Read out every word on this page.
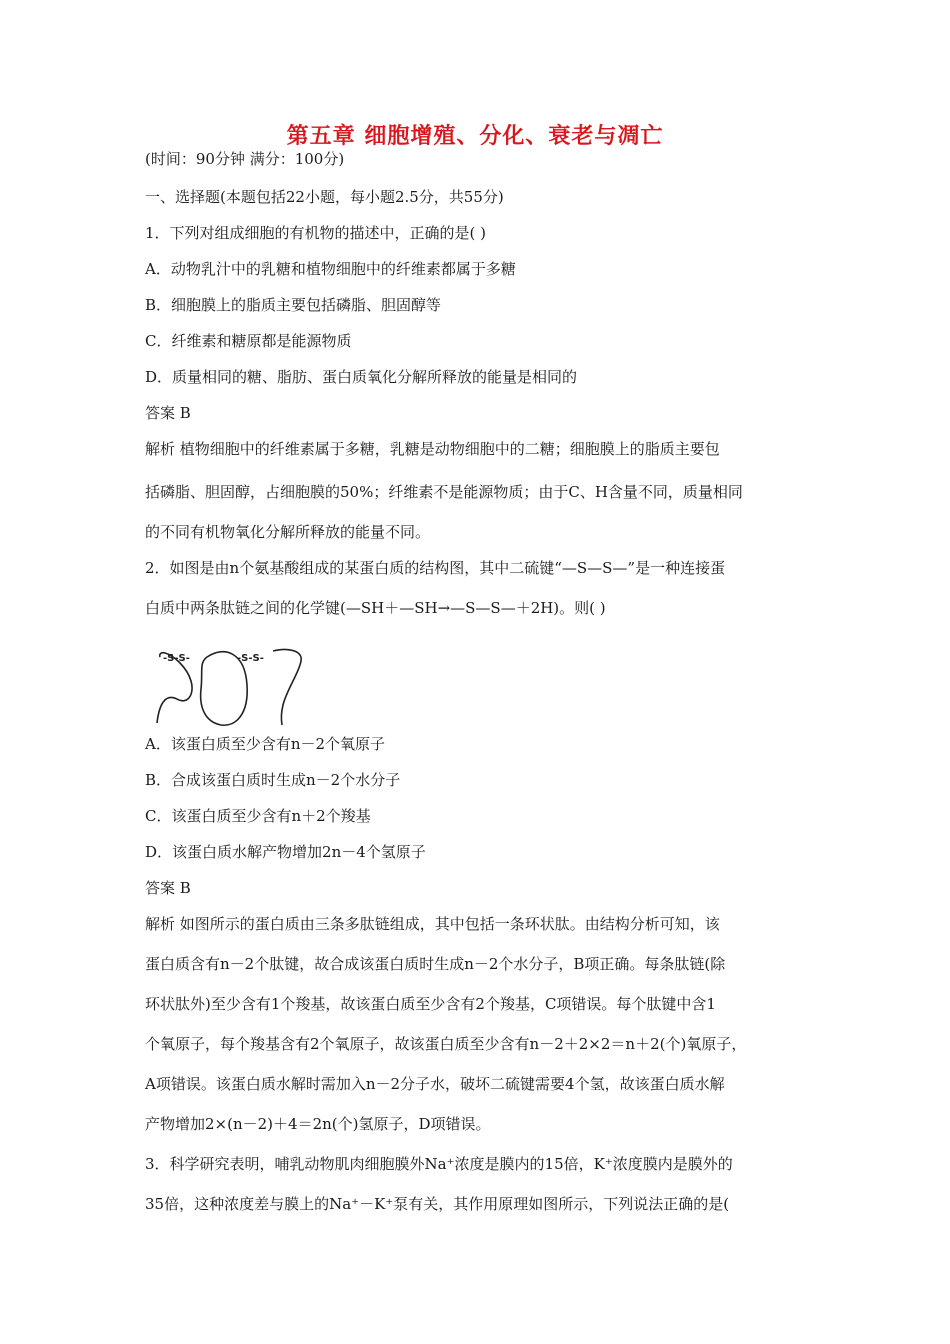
第五章 细胞增殖、分化、衰老与凋亡
(时间：90分钟 满分：100分)
一、选择题(本题包括22小题，每小题2.5分，共55分)
1．下列对组成细胞的有机物的描述中，正确的是( )
A．动物乳汁中的乳糖和植物细胞中的纤维素都属于多糖
B．细胞膜上的脂质主要包括磷脂、胆固醇等
C．纤维素和糖原都是能源物质
D．质量相同的糖、脂肪、蛋白质氧化分解所释放的能量是相同的
答案 B
解析 植物细胞中的纤维素属于多糖，乳糖是动物细胞中的二糖；细胞膜上的脂质主要包
括磷脂、胆固醇，占细胞膜的50%；纤维素不是能源物质；由于C、H含量不同，质量相同
的不同有机物氧化分解所释放的能量不同。
2．如图是由n个氨基酸组成的某蛋白质的结构图，其中二硫键“—S—S—”是一种连接蛋
白质中两条肽链之间的化学键(—SH＋—SH→—S—S—＋2H)。则( )
-S-S-	-S-S-
A．该蛋白质至少含有n－2个氧原子
B．合成该蛋白质时生成n－2个水分子
C．该蛋白质至少含有n＋2个羧基
D．该蛋白质水解产物增加2n－4个氢原子
答案 B
解析 如图所示的蛋白质由三条多肽链组成，其中包括一条环状肽。由结构分析可知，该
蛋白质含有n－2个肽键，故合成该蛋白质时生成n－2个水分子，B项正确。每条肽链(除
环状肽外)至少含有1个羧基，故该蛋白质至少含有2个羧基，C项错误。每个肽键中含1
个氧原子，每个羧基含有2个氧原子，故该蛋白质至少含有n－2＋2×2＝n＋2(个)氧原子，
A项错误。该蛋白质水解时需加入n－2分子水，破坏二硫键需要4个氢，故该蛋白质水解
产物增加2×(n－2)＋4＝2n(个)氢原子，D项错误。
3．科学研究表明，哺乳动物肌肉细胞膜外Na⁺浓度是膜内的15倍，K⁺浓度膜内是膜外的
35倍，这种浓度差与膜上的Na⁺－K⁺泵有关，其作用原理如图所示，下列说法正确的是(
